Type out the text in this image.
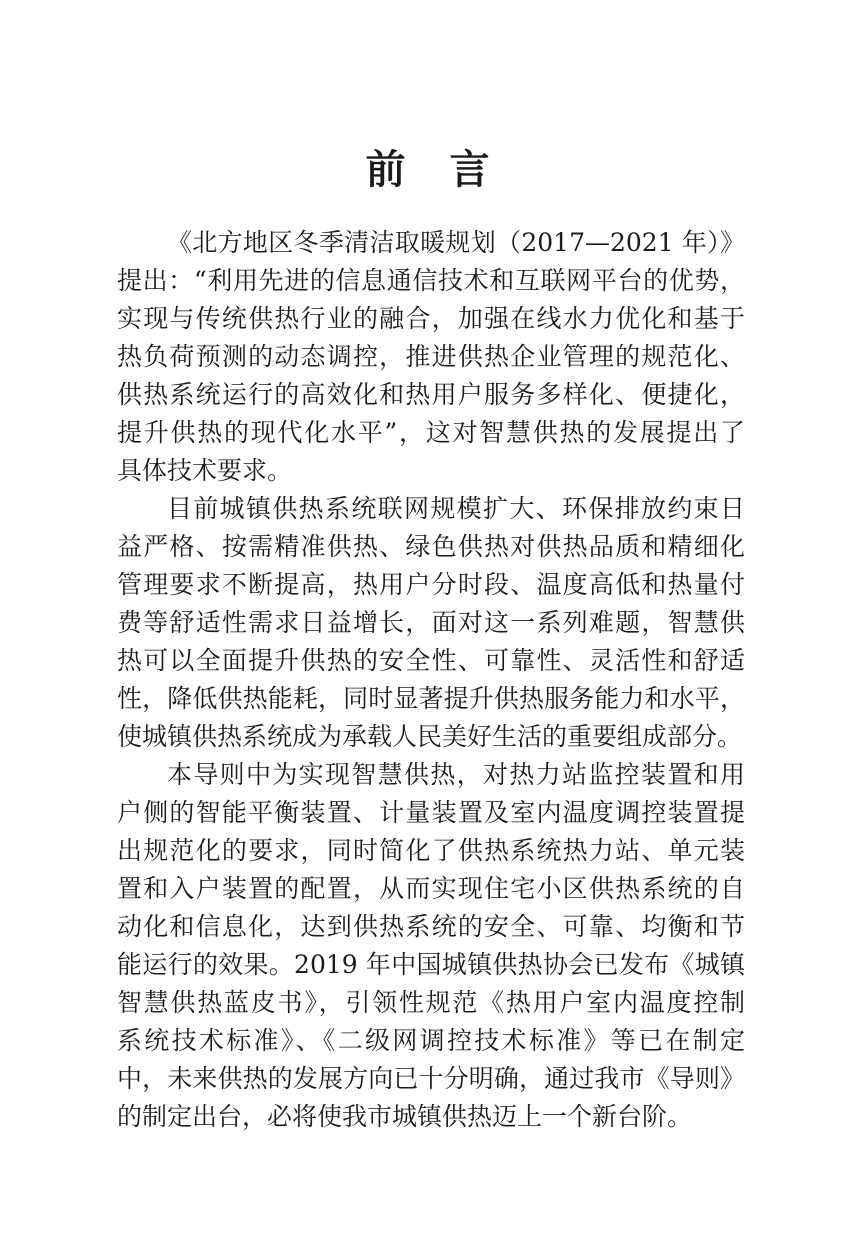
前　言
《北方地区冬季清洁取暖规划（2017—2021 年）》
提出：“利用先进的信息通信技术和互联网平台的优势，
实现与传统供热行业的融合，加强在线水力优化和基于
热负荷预测的动态调控，推进供热企业管理的规范化、
供热系统运行的高效化和热用户服务多样化、便捷化，
提升供热的现代化水平”，这对智慧供热的发展提出了
具体技术要求。
目前城镇供热系统联网规模扩大、环保排放约束日
益严格、按需精准供热、绿色供热对供热品质和精细化
管理要求不断提高，热用户分时段、温度高低和热量付
费等舒适性需求日益增长，面对这一系列难题，智慧供
热可以全面提升供热的安全性、可靠性、灵活性和舒适
性，降低供热能耗，同时显著提升供热服务能力和水平，
使城镇供热系统成为承载人民美好生活的重要组成部分。
本导则中为实现智慧供热，对热力站监控装置和用
户侧的智能平衡装置、计量装置及室内温度调控装置提
出规范化的要求，同时简化了供热系统热力站、单元装
置和入户装置的配置，从而实现住宅小区供热系统的自
动化和信息化，达到供热系统的安全、可靠、均衡和节
能运行的效果。2019 年中国城镇供热协会已发布《城镇
智慧供热蓝皮书》，引领性规范《热用户室内温度控制
系统技术标准》、《二级网调控技术标准》等已在制定
中，未来供热的发展方向已十分明确，通过我市《导则》
的制定出台，必将使我市城镇供热迈上一个新台阶。
